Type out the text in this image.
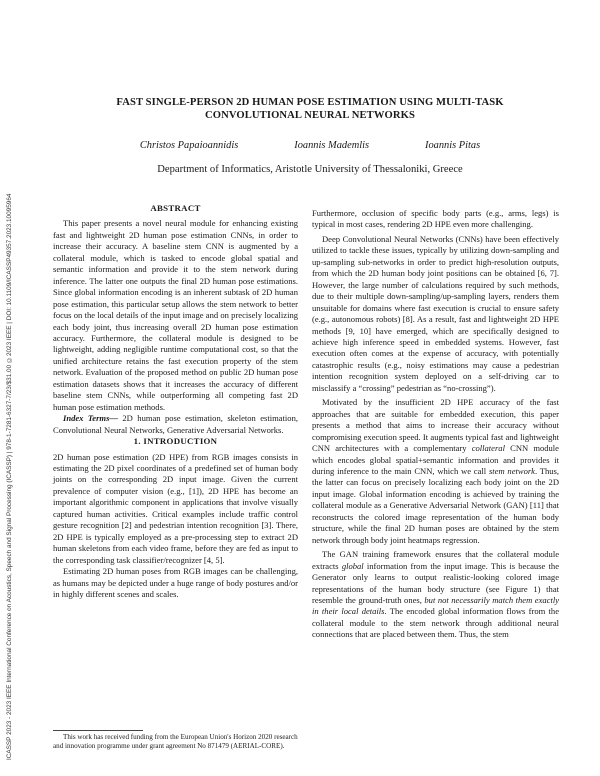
ICASSP 2023 - 2023 IEEE International Conference on Acoustics, Speech and Signal Processing (ICASSP) | 978-1-7281-6327-7/23/$31.00 ©2023 IEEE | DOI: 10.1109/ICASSP49357.2023.10095964
FAST SINGLE-PERSON 2D HUMAN POSE ESTIMATION USING MULTI-TASK
CONVOLUTIONAL NEURAL NETWORKS
Christos Papaioannidis	Ioannis Mademlis	Ioannis Pitas
Department of Informatics, Aristotle University of Thessaloniki, Greece
ABSTRACT

This paper presents a novel neural module for enhancing existing fast and lightweight 2D human pose estimation CNNs, in order to increase their accuracy. A baseline stem CNN is augmented by a collateral module, which is tasked to encode global spatial and semantic information and provide it to the stem network during inference. The latter one outputs the final 2D human pose estimations. Since global information encoding is an inherent subtask of 2D human pose estimation, this particular setup allows the stem network to better focus on the local details of the input image and on precisely localizing each body joint, thus increasing overall 2D human pose estimation accuracy. Furthermore, the collateral module is designed to be lightweight, adding negligible runtime computational cost, so that the unified architecture retains the fast execution property of the stem network. Evaluation of the proposed method on public 2D human pose estimation datasets shows that it increases the accuracy of different baseline stem CNNs, while outperforming all competing fast 2D human pose estimation methods.

Index Terms— 2D human pose estimation, skeleton estimation, Convolutional Neural Networks, Generative Adversarial Networks.

1. INTRODUCTION

2D human pose estimation (2D HPE) from RGB images consists in estimating the 2D pixel coordinates of a predefined set of human body joints on the corresponding 2D input image. Given the current prevalence of computer vision (e.g., [1]), 2D HPE has become an important algorithmic component in applications that involve visually captured human activities. Critical examples include traffic control gesture recognition [2] and pedestrian intention recognition [3]. There, 2D HPE is typically employed as a pre-processing step to extract 2D human skeletons from each video frame, before they are fed as input to the corresponding task classifier/recognizer [4, 5].

Estimating 2D human poses from RGB images can be challenging, as humans may be depicted under a huge range of body postures and/or in highly different scenes and scales.

This work has received funding from the European Union's Horizon 2020 research and innovation programme under grant agreement No 871479 (AERIAL-CORE).

Furthermore, occlusion of specific body parts (e.g., arms, legs) is typical in most cases, rendering 2D HPE even more challenging.

Deep Convolutional Neural Networks (CNNs) have been effectively utilized to tackle these issues, typically by utilizing down-sampling and up-sampling sub-networks in order to predict high-resolution outputs, from which the 2D human body joint positions can be obtained [6, 7]. However, the large number of calculations required by such methods, due to their multiple down-sampling/up-sampling layers, renders them unsuitable for domains where fast execution is crucial to ensure safety (e.g., autonomous robots) [8]. As a result, fast and lightweight 2D HPE methods [9, 10] have emerged, which are specifically designed to achieve high inference speed in embedded systems. However, fast execution often comes at the expense of accuracy, with potentially catastrophic results (e.g., noisy estimations may cause a pedestrian intention recognition system deployed on a self-driving car to misclassify a “crossing” pedestrian as “no-crossing”).

Motivated by the insufficient 2D HPE accuracy of the fast approaches that are suitable for embedded execution, this paper presents a method that aims to increase their accuracy without compromising execution speed. It augments typical fast and lightweight CNN architectures with a complementary collateral CNN module which encodes global spatial+semantic information and provides it during inference to the main CNN, which we call stem network. Thus, the latter can focus on precisely localizing each body joint on the 2D input image. Global information encoding is achieved by training the collateral module as a Generative Adversarial Network (GAN) [11] that reconstructs the colored image representation of the human body structure, while the final 2D human poses are obtained by the stem network through body joint heatmaps regression.

The GAN training framework ensures that the collateral module extracts global information from the input image. This is because the Generator only learns to output realistic-looking colored image representations of the human body structure (see Figure 1) that resemble the ground-truth ones, but not necessarily match them exactly in their local details. The encoded global information flows from the collateral module to the stem network through additional neural connections that are placed between them. Thus, the stem
